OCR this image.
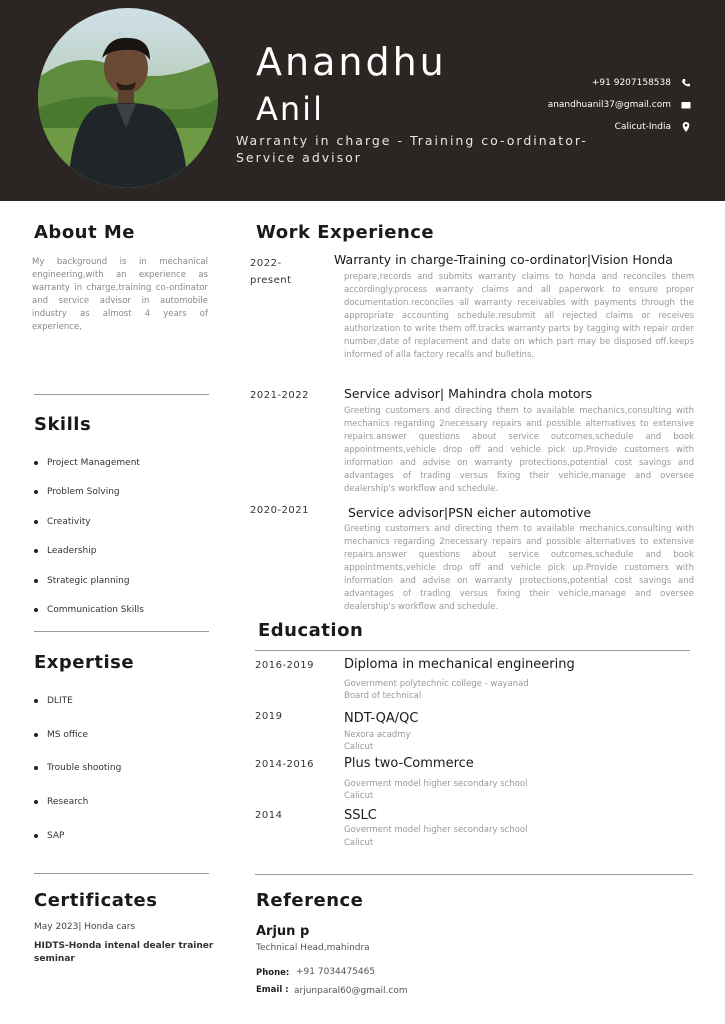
Anandhu
Anil
Warranty in charge - Training co-ordinator- Service advisor
+91 9207158538
anandhuanil37@gmail.com
Calicut-India
About Me
My background is in mechanical engineering,with an experience as warranty in charge,training co-ordinator and service advisor in automobile industry as almost 4 years of experience,
Skills
Project Management
Problem Solving
Creativity
Leadership
Strategic planning
Communication Skills
Expertise
DLITE
MS office
Trouble shooting
Research
SAP
Certificates
May 2023| Honda cars
HIDTS-Honda intenal dealer trainer seminar
Work Experience
2022-present
Warranty in charge-Training co-ordinator|Vision Honda
prepare,records and submits warranty claims to honda and reconciles them accordingly.process warranty claims and all paperwork to ensure proper documentation.reconciles all warranty receivables with payments through the appropriate accounting schedule.resubmit all rejected claims or receives authorization to write them off.tracks warranty parts by tagging with repair order number,date of replacement and date on which part may be disposed off.keeps informed of alla factory recalls and bulletins,
2021-2022	Service advisor| Mahindra chola motors
Greeting customers and directing them to available mechanics,consulting with mechanics regarding 2necessary repairs and possible alternatives to extensive repairs.answer questions about service outcomes,schedule and book appointments,vehicle drop off and vehicle pick up.Provide customers with information and advise on warranty protections,potential cost savings and advantages of trading versus fixing their vehicle,manage and oversee dealership's workflow and schedule.
2020-2021	Service advisor|PSN eicher automotive
Greeting customers and directing them to available mechanics,consulting with mechanics regarding 2necessary repairs and possible alternatives to extensive repairs.answer questions about service outcomes,schedule and book appointments,vehicle drop off and vehicle pick up.Provide customers with information and advise on warranty protections,potential cost savings and advantages of trading versus fixing their vehicle,manage and oversee dealership's workflow and schedule.
Education
2016-2019 Diploma in mechanical engineering
Government polytechnic college - wayanad
Board of technical
2019	NDT-QA/QC
Nexora acadmy
Calicut
2014-2016 Plus two-Commerce
Goverment model higher secondary school
Calicut
2014	SSLC
Goverment model higher secondary school
Calicut
Reference
Arjun p
Technical Head,mahindra
Phone: +91 7034475465
Email : arjunparal60@gmail.com
